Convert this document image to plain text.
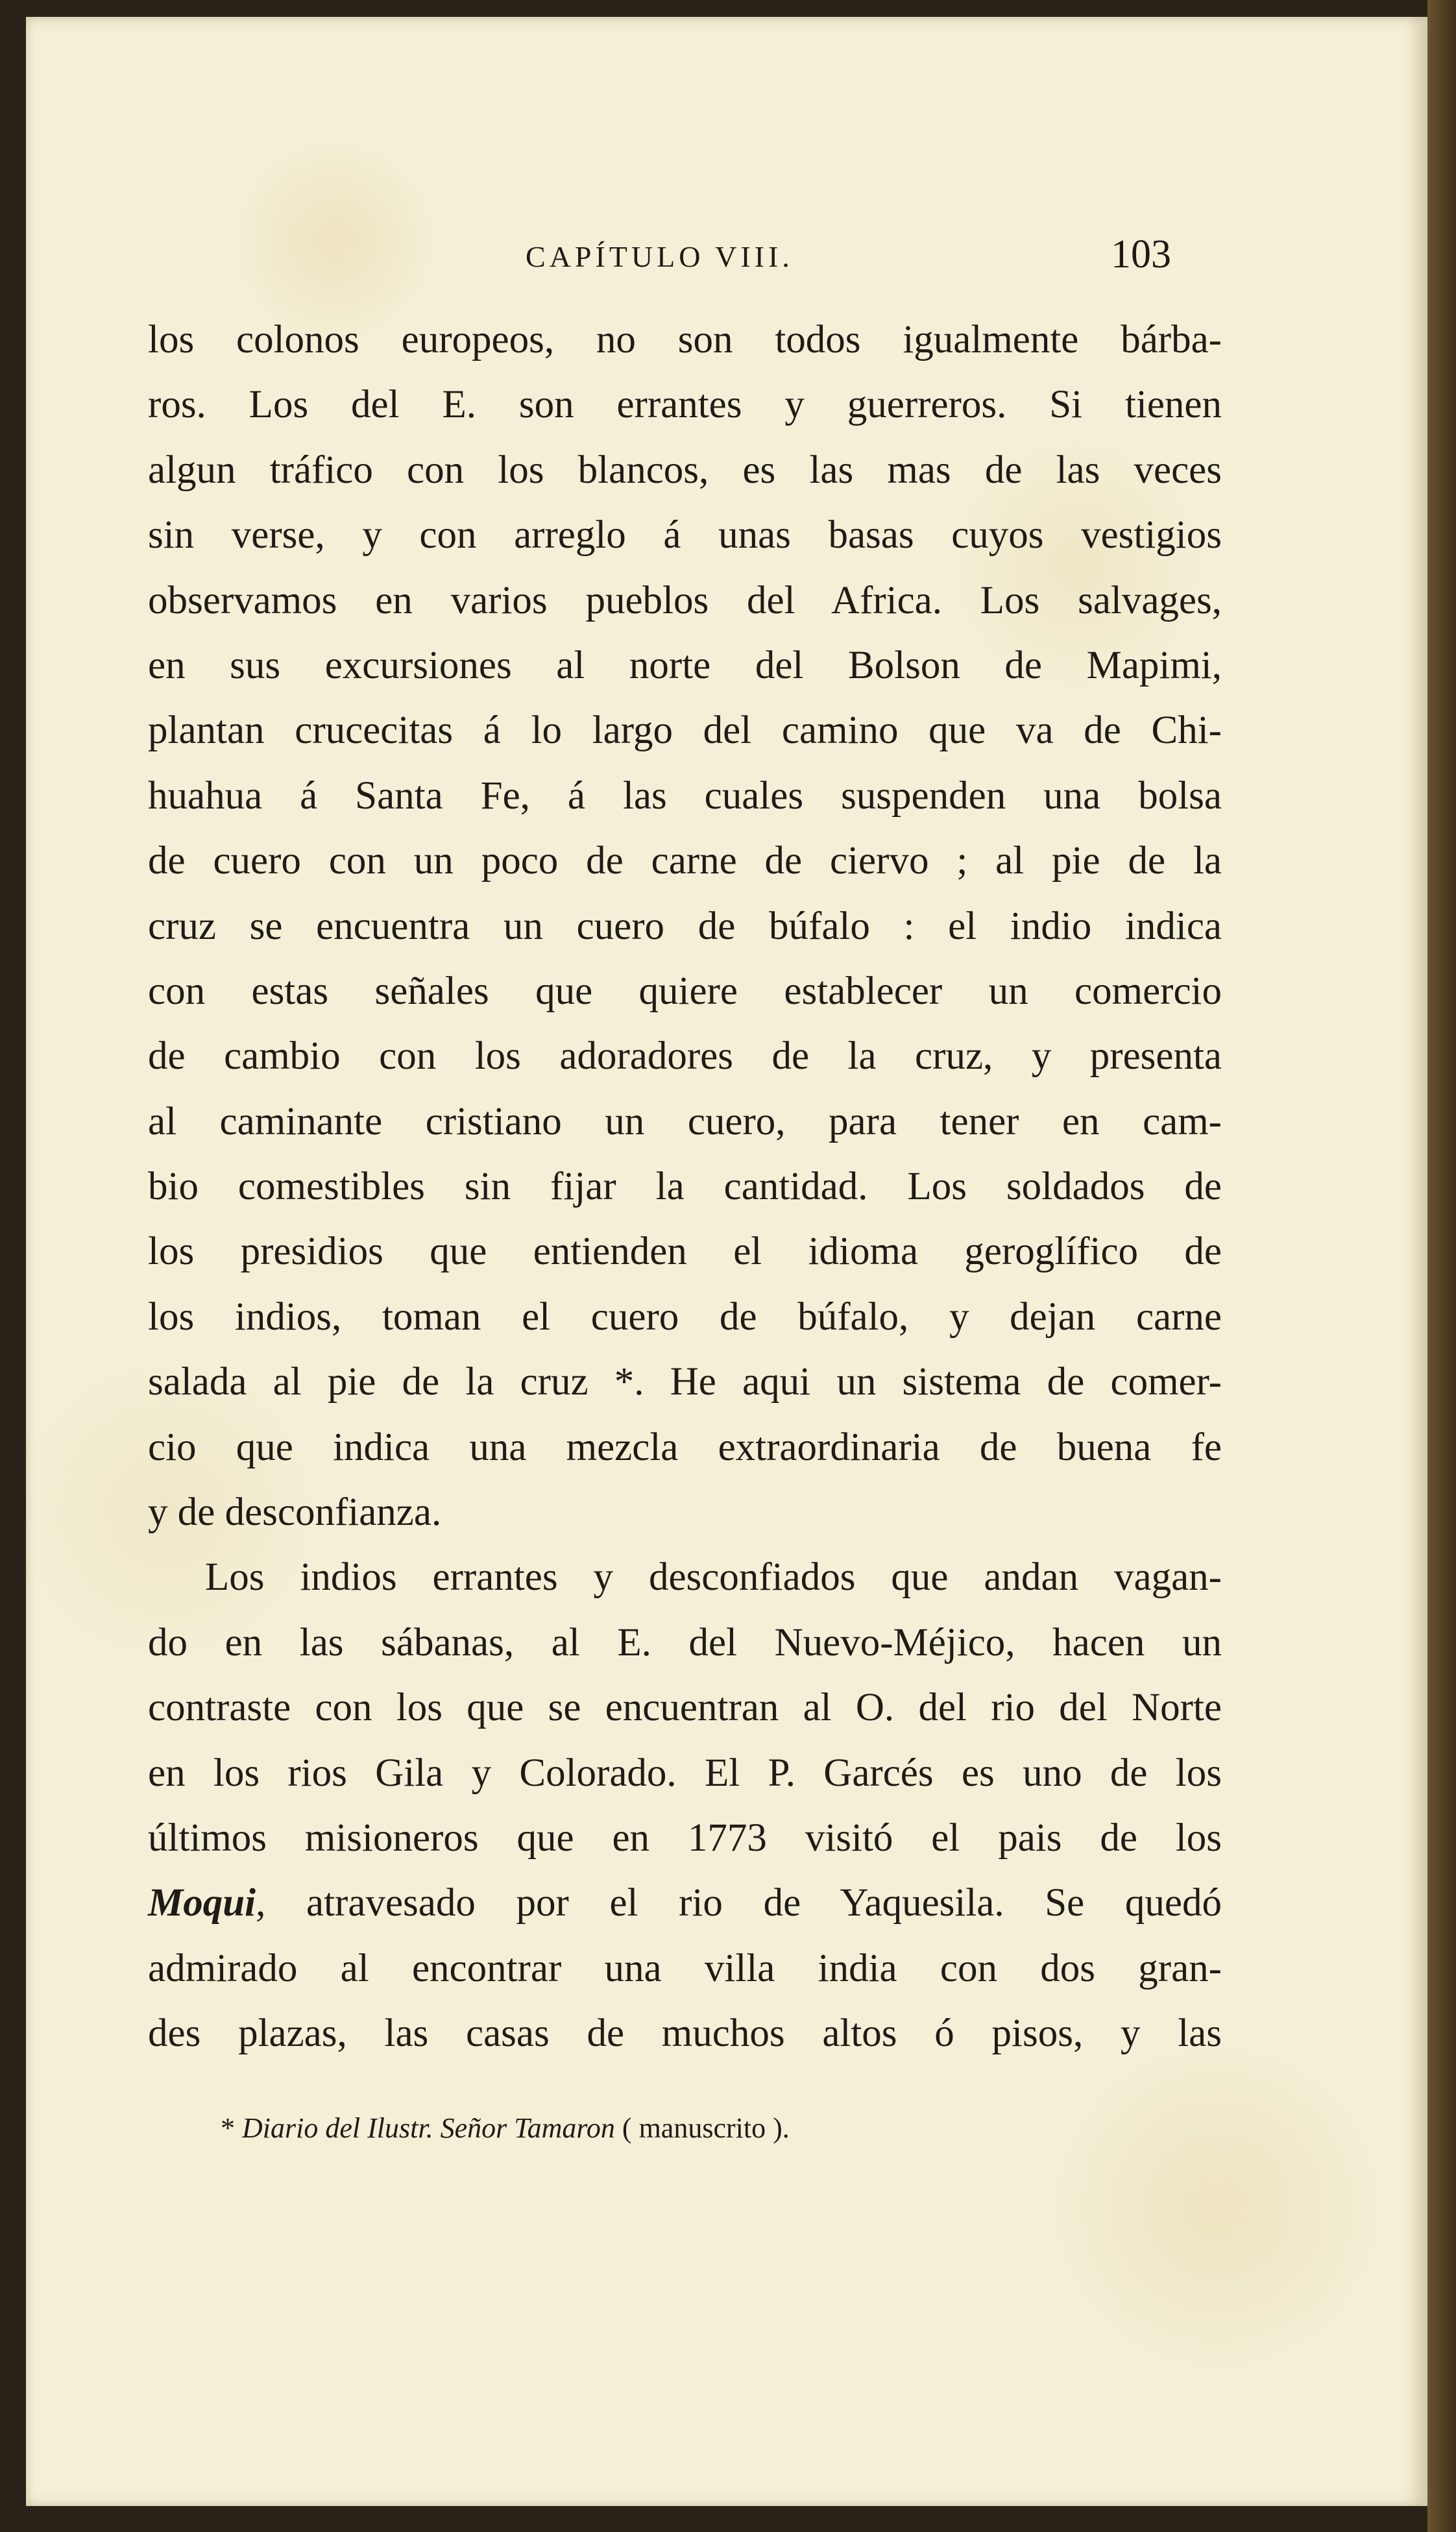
CAPÍTULO VIII.	103
los colonos europeos, no son todos igualmente bárba-
ros. Los del E. son errantes y guerreros. Si tienen
algun tráfico con los blancos, es las mas de las veces
sin verse, y con arreglo á unas basas cuyos vestigios
observamos en varios pueblos del Africa. Los salvages,
en sus excursiones al norte del Bolson de Mapimi,
plantan crucecitas á lo largo del camino que va de Chi-
huahua á Santa Fe, á las cuales suspenden una bolsa
de cuero con un poco de carne de ciervo ; al pie de la
cruz se encuentra un cuero de búfalo : el indio indica
con estas señales que quiere establecer un comercio
de cambio con los adoradores de la cruz, y presenta
al caminante cristiano un cuero, para tener en cam-
bio comestibles sin fijar la cantidad. Los soldados de
los presidios que entienden el idioma geroglífico de
los indios, toman el cuero de búfalo, y dejan carne
salada al pie de la cruz *. He aqui un sistema de comer-
cio que indica una mezcla extraordinaria de buena fe
y de desconfianza.
Los indios errantes y desconfiados que andan vagan-
do en las sábanas, al E. del Nuevo-Méjico, hacen un
contraste con los que se encuentran al O. del rio del Norte
en los rios Gila y Colorado. El P. Garcés es uno de los
últimos misioneros que en 1773 visitó el pais de los
Moqui, atravesado por el rio de Yaquesila. Se quedó
admirado al encontrar una villa india con dos gran-
des plazas, las casas de muchos altos ó pisos, y las
* Diario del Ilustr. Señor Tamaron ( manuscrito ).
